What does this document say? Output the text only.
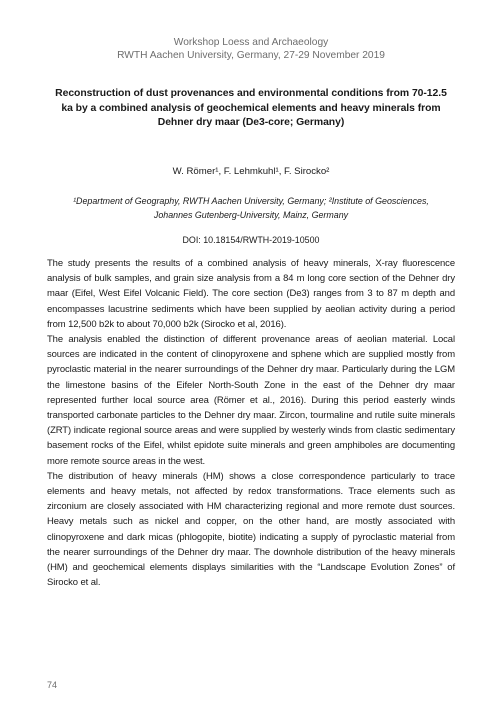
Workshop Loess and Archaeology
RWTH Aachen University, Germany, 27-29 November 2019
Reconstruction of dust provenances and environmental conditions from 70-12.5 ka by a combined analysis of geochemical elements and heavy minerals from Dehner dry maar (De3-core; Germany)
W. Römer¹, F. Lehmkuhl¹, F. Sirocko²
¹Department of Geography, RWTH Aachen University, Germany; ²Institute of Geosciences, Johannes Gutenberg-University, Mainz, Germany
DOI: 10.18154/RWTH-2019-10500

The study presents the results of a combined analysis of heavy minerals, X-ray fluorescence analysis of bulk samples, and grain size analysis from a 84 m long core section of the Dehner dry maar (Eifel, West Eifel Volcanic Field). The core section (De3) ranges from 3 to 87 m depth and encompasses lacustrine sediments which have been supplied by aeolian activity during a period from 12,500 b2k to about 70,000 b2k (Sirocko et al, 2016).

The analysis enabled the distinction of different provenance areas of aeolian material. Local sources are indicated in the content of clinopyroxene and sphene which are supplied mostly from pyroclastic material in the nearer surroundings of the Dehner dry maar. Particularly during the LGM the limestone basins of the Eifeler North-South Zone in the east of the Dehner dry maar represented further local source area (Römer et al., 2016). During this period easterly winds transported carbonate particles to the Dehner dry maar. Zircon, tourmaline and rutile suite minerals (ZRT) indicate regional source areas and were supplied by westerly winds from clastic sedimentary basement rocks of the Eifel, whilst epidote suite minerals and green amphiboles are documenting more remote source areas in the west.

The distribution of heavy minerals (HM) shows a close correspondence particularly to trace elements and heavy metals, not affected by redox transformations. Trace elements such as zirconium are closely associated with HM characterizing regional and more remote dust sources. Heavy metals such as nickel and copper, on the other hand, are mostly associated with clinopyroxene and dark micas (phlogopite, biotite) indicating a supply of pyroclastic material from the nearer surroundings of the Dehner dry maar. The downhole distribution of the heavy minerals (HM) and geochemical elements displays similarities with the “Landscape Evolution Zones” of Sirocko et al.

74
